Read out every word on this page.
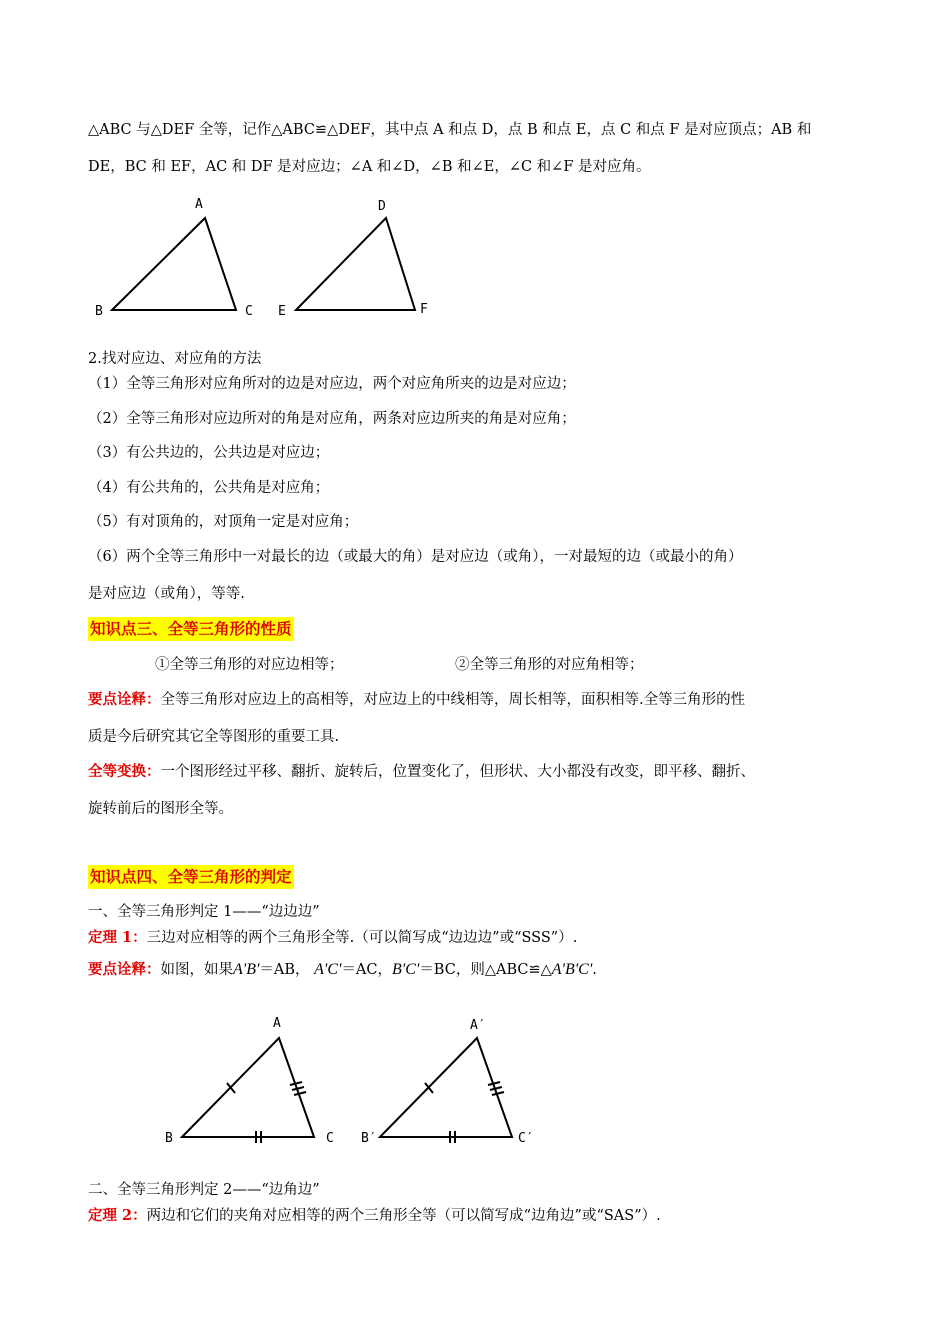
△ABC 与△DEF 全等，记作△ABC≌△DEF，其中点 A 和点 D，点 B 和点 E，点 C 和点 F 是对应顶点；AB 和
DE，BC 和 EF，AC 和 DF 是对应边；∠A 和∠D，∠B 和∠E，∠C 和∠F 是对应角。
A
B	C
D
E	F
2.找对应边、对应角的方法
（1）全等三角形对应角所对的边是对应边，两个对应角所夹的边是对应边；
（2）全等三角形对应边所对的角是对应角，两条对应边所夹的角是对应角；
（3）有公共边的，公共边是对应边；
（4）有公共角的，公共角是对应角；
（5）有对顶角的，对顶角一定是对应角；
（6）两个全等三角形中一对最长的边（或最大的角）是对应边（或角），一对最短的边（或最小的角）
是对应边（或角），等等.
知识点三、全等三角形的性质
①全等三角形的对应边相等；	②全等三角形的对应角相等；
要点诠释：全等三角形对应边上的高相等，对应边上的中线相等，周长相等，面积相等.全等三角形的性
质是今后研究其它全等图形的重要工具.
全等变换：一个图形经过平移、翻折、旋转后，位置变化了，但形状、大小都没有改变，即平移、翻折、
旋转前后的图形全等。
知识点四、全等三角形的判定
一、全等三角形判定 1——“边边边”
定理 1：三边对应相等的两个三角形全等.（可以简写成“边边边”或“SSS”）.
要点诠释：如图，如果A'B'＝AB， A'C'＝AC，B'C'＝BC，则△ABC≌△A'B'C'.
A
B	C
A′
B′	C′
二、全等三角形判定 2——“边角边”
定理 2：两边和它们的夹角对应相等的两个三角形全等（可以简写成“边角边”或“SAS”）.
